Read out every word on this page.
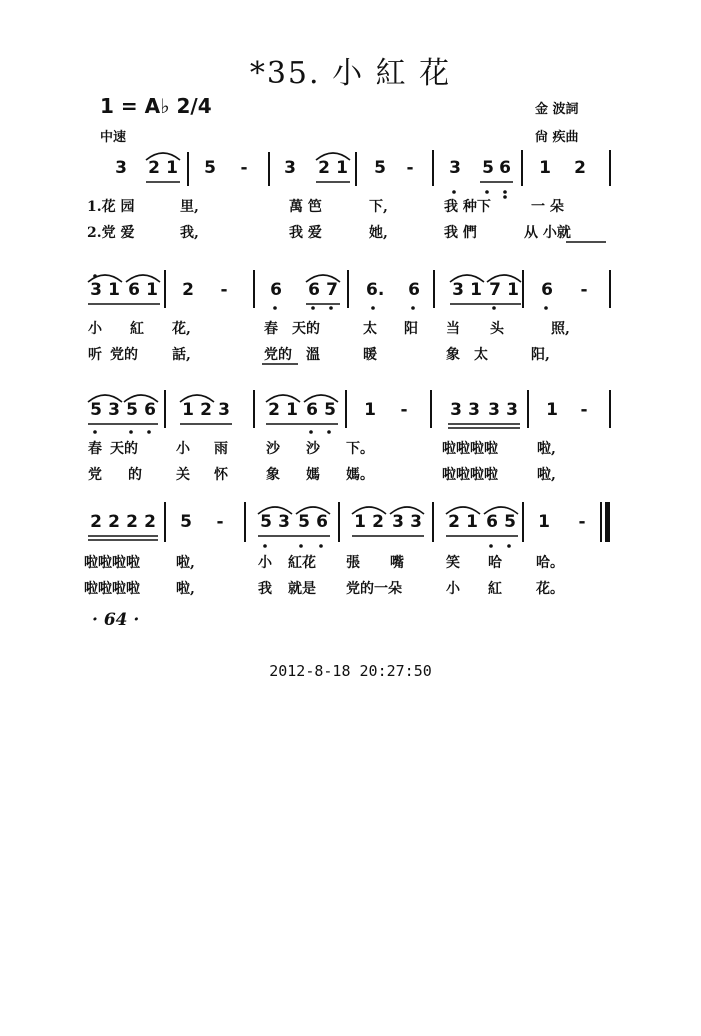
*35. 小 紅 花
1 = A♭ 2/4
中速
金 波詞
尙 疾曲
3 2 1 5 - 3 2 1 5 - 3 5 6 1 2
1.花 园	里,	萬 笆	下,	我 种下	一 朵
2.党 爱	我,	我 爱	她,	我 們	从 小就
3 1 6 1 2 -	6 6 7 6. 6 3 1 7 1 6 -
小 紅 花,	春 天的	太 阳 当 头	照,
听 党的 話,	党的 溫	暖	象 太	阳,
5 3 5 6 1 2 3 2 1 6 5 1 -	3 3 3 3 1 -
春 天的	小 雨	沙 沙 下。	啦啦啦啦	啦,
党 的 关 怀	象 媽 媽。	啦啦啦啦	啦,
2 2 2 2 5 - 5 3 5 6 1 2 3 3 2 1 6 5 1 -
啦啦啦啦	啦,	小 紅花 張 嘴	笑 哈 哈。
啦啦啦啦	啦,	我 就是 党的一朵	小 紅 花。
· 64 ·
2012-8-18 20:27:50
